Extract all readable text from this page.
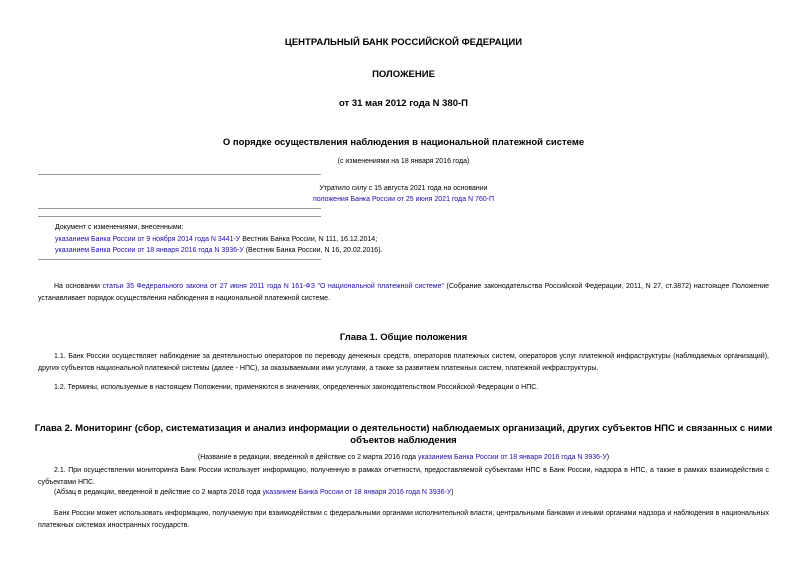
ЦЕНТРАЛЬНЫЙ БАНК РОССИЙСКОЙ ФЕДЕРАЦИИ
ПОЛОЖЕНИЕ
от 31 мая 2012 года N 380-П
О порядке осуществления наблюдения в национальной платежной системе
(с изменениями на 18 января 2016 года)
Утратило силу с 15 августа 2021 года на основании
положения Банка России от 25 июня 2021 года N 760-П
Документ с изменениями, внесенными:
указанием Банка России от 9 ноября 2014 года N 3441-У Вестник Банка России, N 111, 16.12.2014;
указанием Банка России от 18 января 2016 года N 3936-У (Вестник Банка России, N 16, 20.02.2016).
На основании статьи 35 Федерального закона от 27 июня 2011 года N 161-ФЗ "О национальной платежной системе" (Собрание законодательства Российской Федерации, 2011, N 27, ст.3872) настоящее Положение устанавливает порядок осуществления наблюдения в национальной платежной системе.
Глава 1. Общие положения
1.1. Банк России осуществляет наблюдение за деятельностью операторов по переводу денежных средств, операторов платежных систем, операторов услуг платежной инфраструктуры (наблюдаемых организаций), других субъектов национальной платежной системы (далее - НПС), за оказываемыми ими услугами, а также за развитием платежных систем, платежной инфраструктуры.
1.2. Термины, используемые в настоящем Положении, применяются в значениях, определенных законодательством Российской Федерации о НПС.
Глава 2. Мониторинг (сбор, систематизация и анализ информации о деятельности) наблюдаемых организаций, других субъектов НПС и связанных с ними
объектов наблюдения
(Название в редакции, введенной в действие со 2 марта 2016 года указанием Банка России от 18 января 2016 года N 3936-У)
2.1. При осуществлении мониторинга Банк России использует информацию, полученную в рамках отчетности, предоставляемой субъектами НПС в Банк России, надзора в НПС, а также в рамках взаимодействия с субъектами НПС.
(Абзац в редакции, введенной в действие со 2 марта 2016 года указанием Банка России от 18 января 2016 года N 3936-У)
Банк России может использовать информацию, получаемую при взаимодействии с федеральными органами исполнительной власти, центральными банками и иными органами надзора и наблюдения в национальных платежных системах иностранных государств.
